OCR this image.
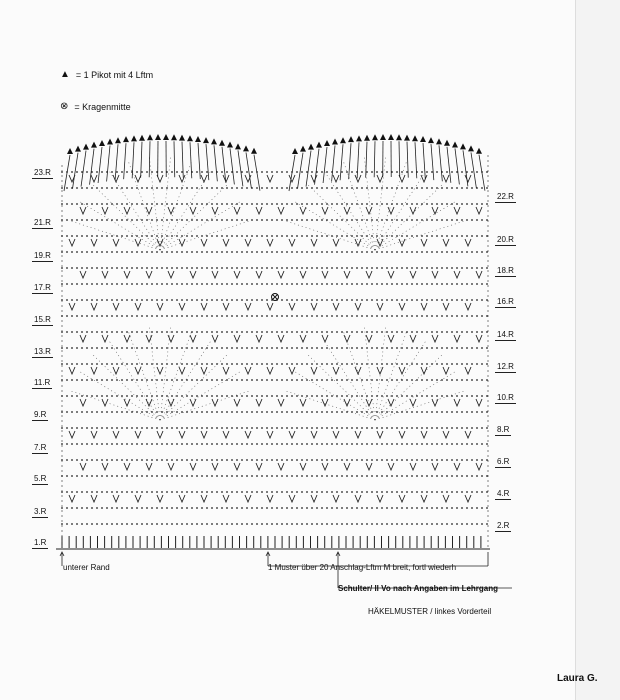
▲ = 1 Pikot mit 4 Lftm
⊗ = Kragenmitte
23.R
21.R
19.R
17.R
15.R
13.R
11.R
9.R
7.R
5.R
3.R
1.R
22.R
20.R
18.R
16.R
14.R
12.R
10.R
8.R
6.R
4.R
2.R
unterer Rand	1 Muster über 20 Anschlag-Lftm M breit, fortl wiederh
Schulter/ II Vo nach Angaben im Lehrgang
HÄKELMUSTER / linkes Vorderteil
Laura G.
